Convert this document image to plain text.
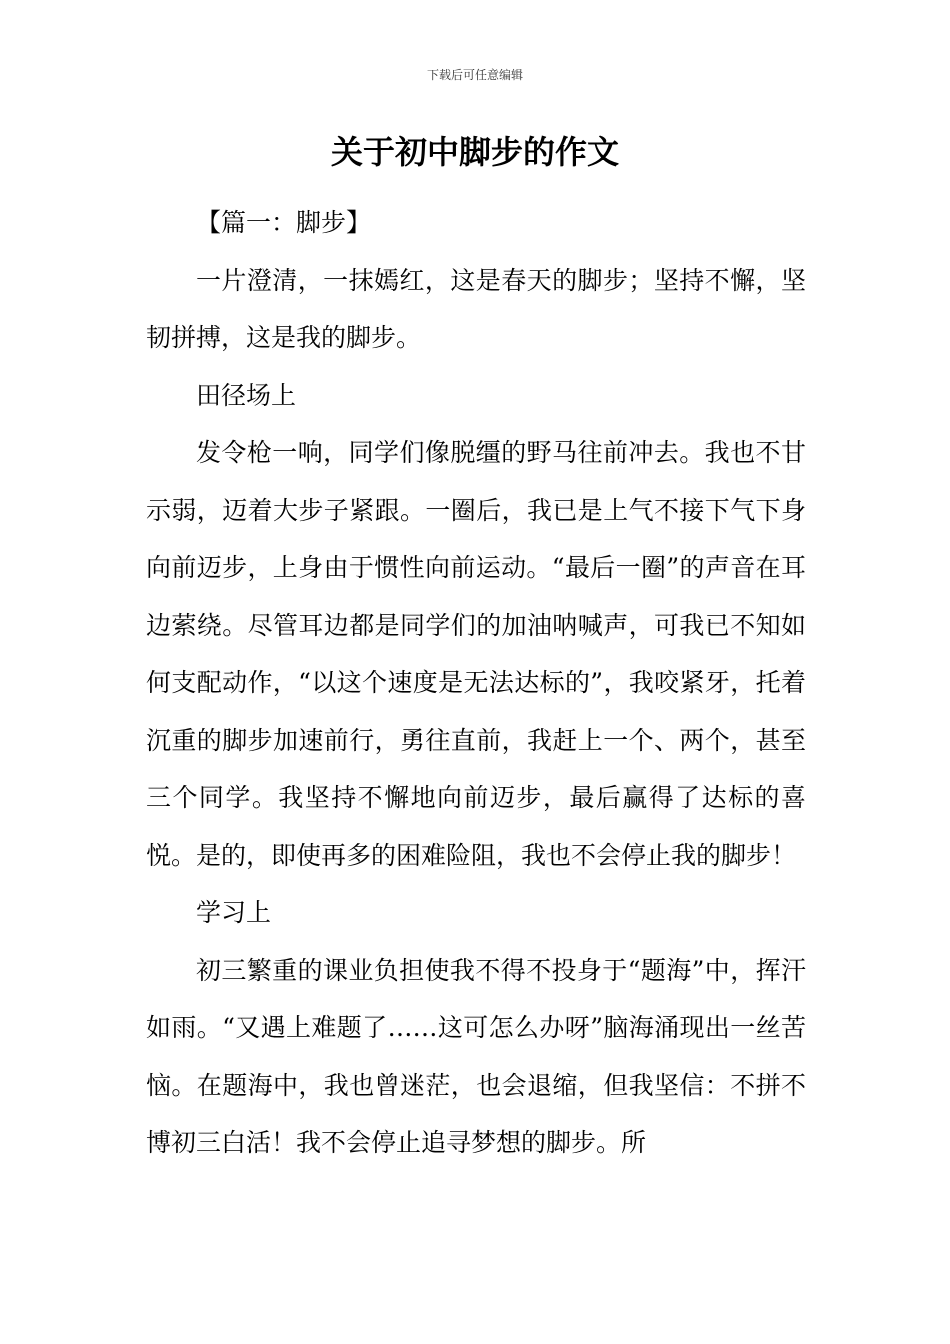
下载后可任意编辑
关于初中脚步的作文

【篇一：脚步】

一片澄清，一抹嫣红，这是春天的脚步；坚持不懈，坚韧拼搏，这是我的脚步。

田径场上

发令枪一响，同学们像脱缰的野马往前冲去。我也不甘示弱，迈着大步子紧跟。一圈后，我已是上气不接下气下身向前迈步，上身由于惯性向前运动。“最后一圈”的声音在耳边萦绕。尽管耳边都是同学们的加油呐喊声，可我已不知如何支配动作，“以这个速度是无法达标的”，我咬紧牙，托着沉重的脚步加速前行，勇往直前，我赶上一个、两个，甚至三个同学。我坚持不懈地向前迈步，最后赢得了达标的喜悦。是的，即使再多的困难险阻，我也不会停止我的脚步！

学习上

初三繁重的课业负担使我不得不投身于“题海”中，挥汗如雨。“又遇上难题了……这可怎么办呀”脑海涌现出一丝苦恼。在题海中，我也曾迷茫，也会退缩，但我坚信：不拼不博初三白活！我不会停止追寻梦想的脚步。所
